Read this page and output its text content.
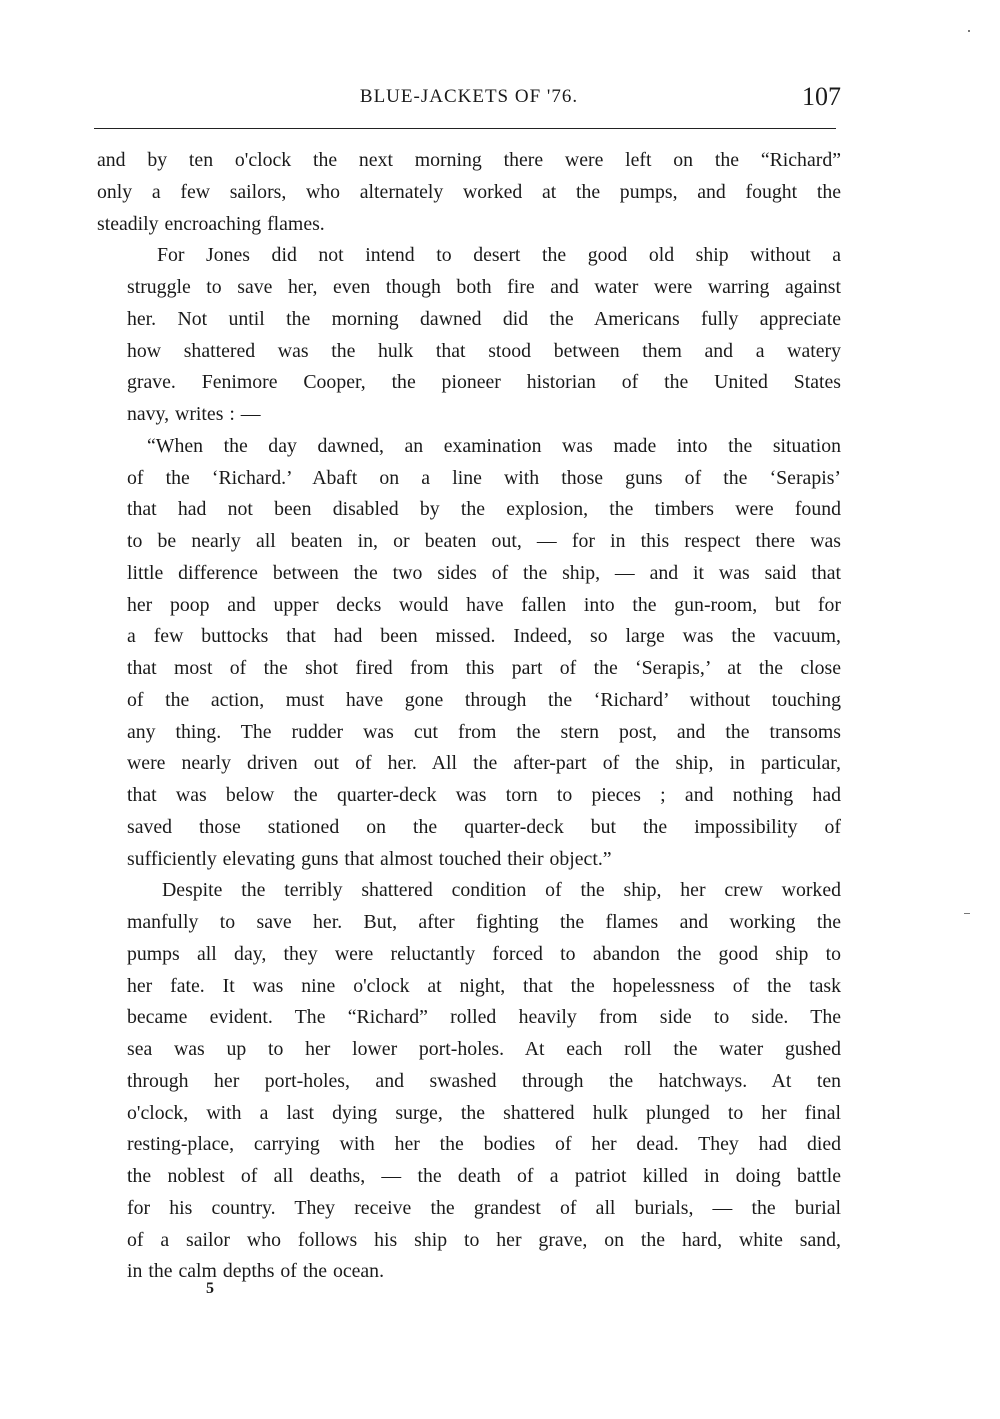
BLUE-JACKETS OF '76.	107

and by ten o'clock the next morning there were left on the “Richard”
only a few sailors, who alternately worked at the pumps, and fought the
steadily encroaching flames.

For Jones did not intend to desert the good old ship without a
struggle to save her, even though both fire and water were warring against
her. Not until the morning dawned did the Americans fully appreciate
how shattered was the hulk that stood between them and a watery
grave. Fenimore Cooper, the pioneer historian of the United States
navy, writes : —

“When the day dawned, an examination was made into the situation
of the ‘Richard.’ Abaft on a line with those guns of the ‘Serapis’
that had not been disabled by the explosion, the timbers were found
to be nearly all beaten in, or beaten out, — for in this respect there was
little difference between the two sides of the ship, — and it was said that
her poop and upper decks would have fallen into the gun-room, but for
a few buttocks that had been missed. Indeed, so large was the vacuum,
that most of the shot fired from this part of the ‘Serapis,’ at the close
of the action, must have gone through the ‘Richard’ without touching
any thing. The rudder was cut from the stern post, and the transoms
were nearly driven out of her. All the after-part of the ship, in particular,
that was below the quarter-deck was torn to pieces ; and nothing had
saved those stationed on the quarter-deck but the impossibility of
sufficiently elevating guns that almost touched their object.”

Despite the terribly shattered condition of the ship, her crew worked
manfully to save her. But, after fighting the flames and working the
pumps all day, they were reluctantly forced to abandon the good ship to
her fate. It was nine o'clock at night, that the hopelessness of the task
became evident. The “Richard” rolled heavily from side to side. The
sea was up to her lower port-holes. At each roll the water gushed
through her port-holes, and swashed through the hatchways. At ten
o'clock, with a last dying surge, the shattered hulk plunged to her final
resting-place, carrying with her the bodies of her dead. They had died
the noblest of all deaths, — the death of a patriot killed in doing battle
for his country. They receive the grandest of all burials, — the burial
of a sailor who follows his ship to her grave, on the hard, white sand,
in the calm depths of the ocean.

5
